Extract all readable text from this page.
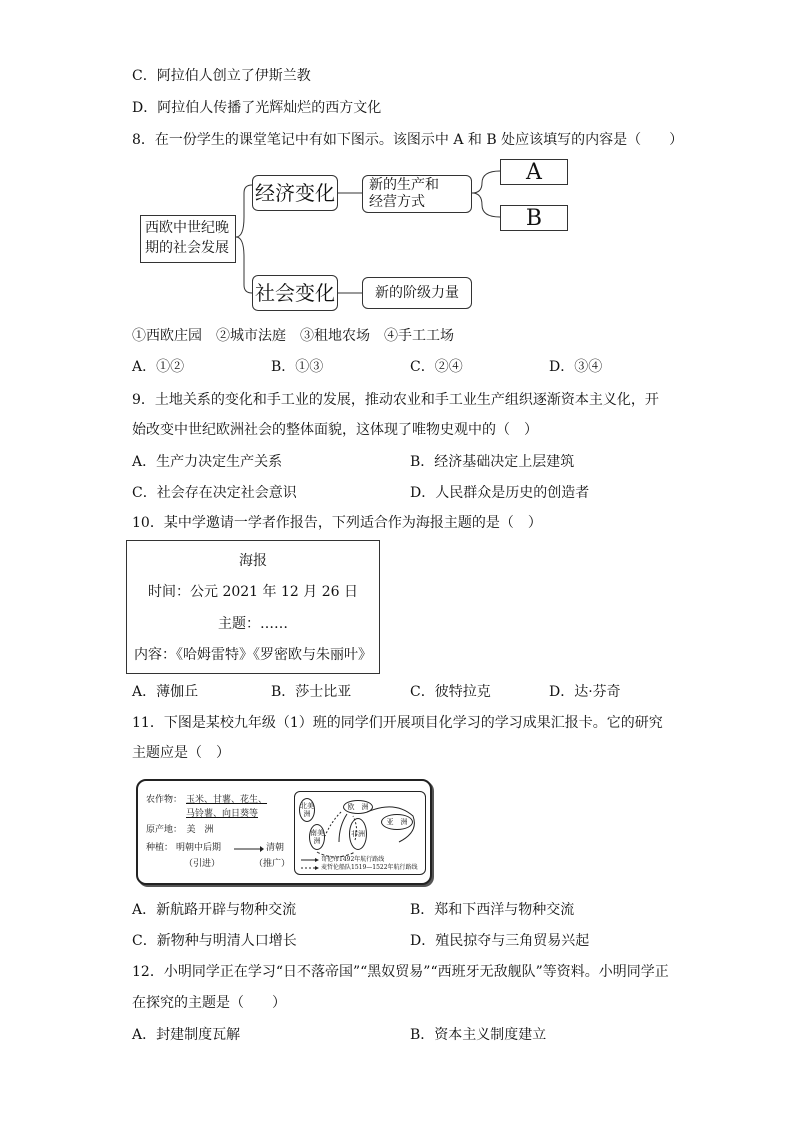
C．阿拉伯人创立了伊斯兰教
D．阿拉伯人传播了光辉灿烂的西方文化
8．在一份学生的课堂笔记中有如下图示。该图示中 A 和 B 处应该填写的内容是（　　）
西欧中世纪晚
期的社会发展
经济变化 新的生产和
经营方式
A
B
社会变化	新的阶级力量
①西欧庄园　②城市法庭　③租地农场　④手工工场
A．①②	B．①③	C．②④	D．③④
9．土地关系的变化和手工业的发展，推动农业和手工业生产组织逐渐资本主义化，开
始改变中世纪欧洲社会的整体面貌，这体现了唯物史观中的（　）
A．生产力决定生产关系	B．经济基础决定上层建筑
C．社会存在决定社会意识	D．人民群众是历史的创造者
10．某中学邀请一学者作报告，下列适合作为海报主题的是（　）
海报
时间：公元 2021 年 12 月 26 日
主题：……
内容：《哈姆雷特》《罗密欧与朱丽叶》
A．薄伽丘	B．莎士比亚	C．彼特拉克	D．达·芬奇
11．下图是某校九年级（1）班的同学们开展项目化学习的学习成果汇报卡。它的研究
主题应是（　）
农作物： 玉米、甘薯、花生、
马铃薯、向日葵等
原产地：　美　洲
种植： 明朝中后期	清朝
（引进）	（推广）
北美洲
南美洲
欧　洲
非洲
亚　洲
哥伦布1492年航行路线
麦哲伦船队1519—1522年航行路线
A．新航路开辟与物种交流	B．郑和下西洋与物种交流
C．新物种与明清人口增长	D．殖民掠夺与三角贸易兴起
12．小明同学正在学习“日不落帝国”“黑奴贸易”“西班牙无敌舰队”等资料。小明同学正
在探究的主题是（　　）
A．封建制度瓦解	B．资本主义制度建立
